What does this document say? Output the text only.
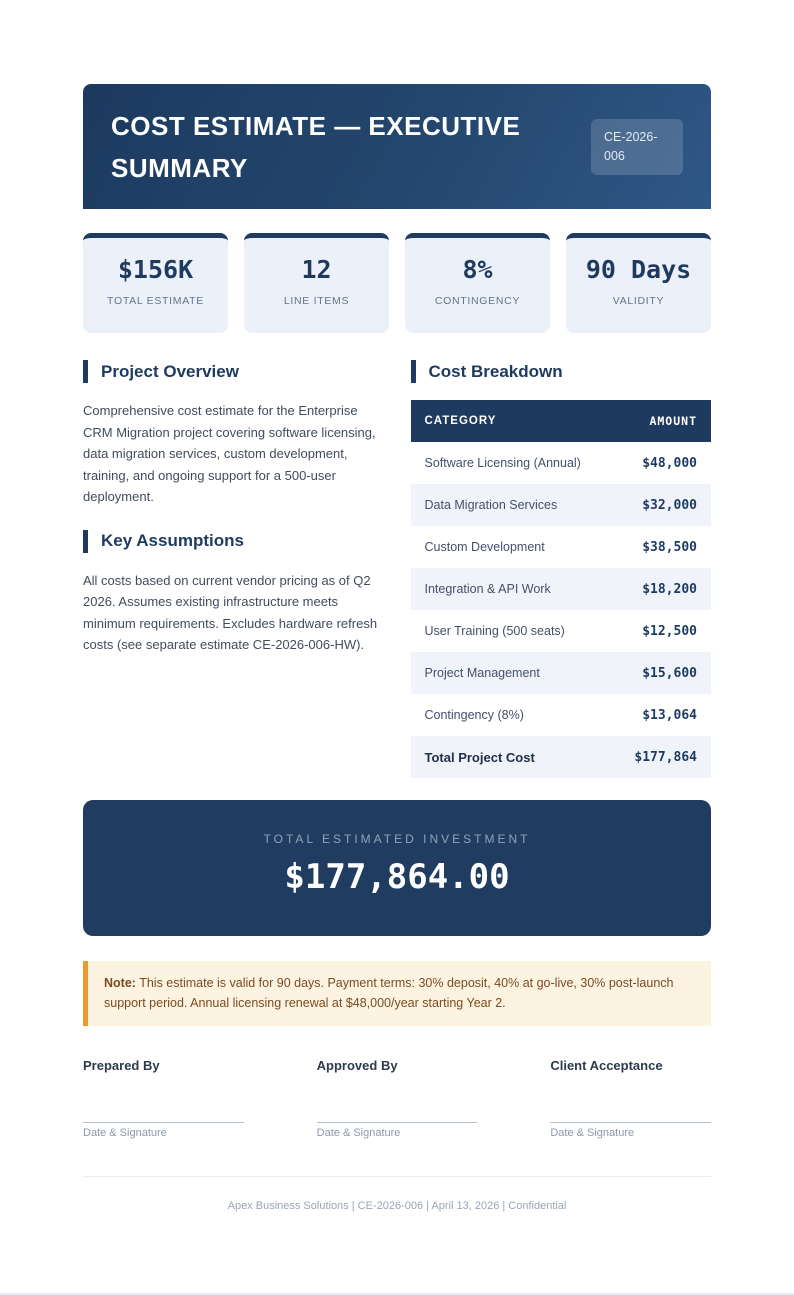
COST ESTIMATE — EXECUTIVE SUMMARY
CE-2026-006
$156K
TOTAL ESTIMATE
12
LINE ITEMS
8%
CONTINGENCY
90 Days
VALIDITY
Project Overview

Comprehensive cost estimate for the Enterprise CRM Migration project covering software licensing, data migration services, custom development, training, and ongoing support for a 500-user deployment.

Key Assumptions

All costs based on current vendor pricing as of Q2 2026. Assumes existing infrastructure meets minimum requirements. Excludes hardware refresh costs (see separate estimate CE-2026-006-HW).

Cost Breakdown
CATEGORY	AMOUNT
Software Licensing (Annual)	$48,000
Data Migration Services	$32,000
Custom Development	$38,500
Integration & API Work	$18,200
User Training (500 seats)	$12,500
Project Management	$15,600
Contingency (8%)	$13,064
Total Project Cost	$177,864
TOTAL ESTIMATED INVESTMENT
$177,864.00
Note: This estimate is valid for 90 days. Payment terms: 30% deposit, 40% at go-live, 30% post-launch support period. Annual licensing renewal at $48,000/year starting Year 2.
Prepared By
Date & Signature
Approved By
Date & Signature
Client Acceptance
Date & Signature
Apex Business Solutions | CE-2026-006 | April 13, 2026 | Confidential
